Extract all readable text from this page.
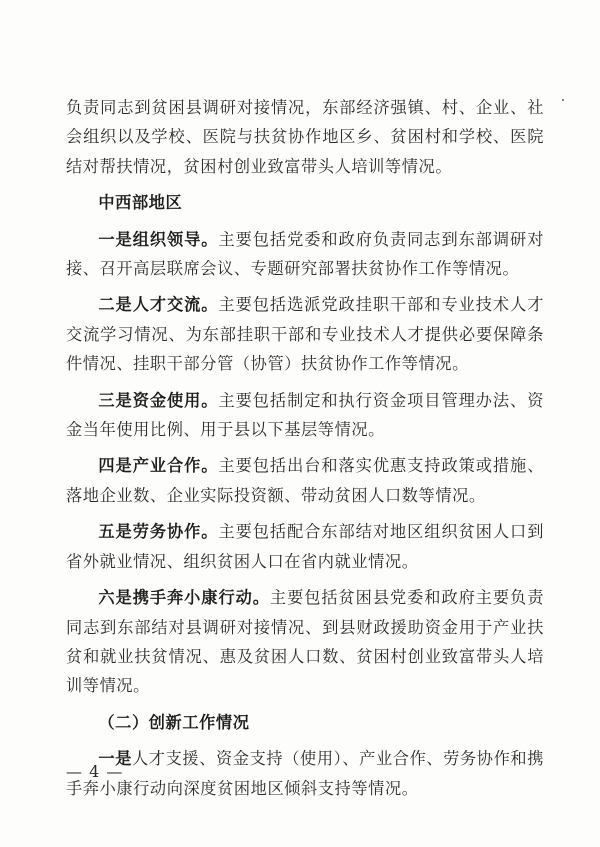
负责同志到贫困县调研对接情况，东部经济强镇、村、企业、社会组织以及学校、医院与扶贫协作地区乡、贫困村和学校、医院结对帮扶情况，贫困村创业致富带头人培训等情况。

中西部地区

一是组织领导。主要包括党委和政府负责同志到东部调研对接、召开高层联席会议、专题研究部署扶贫协作工作等情况。

二是人才交流。主要包括选派党政挂职干部和专业技术人才交流学习情况、为东部挂职干部和专业技术人才提供必要保障条件情况、挂职干部分管（协管）扶贫协作工作等情况。

三是资金使用。主要包括制定和执行资金项目管理办法、资金当年使用比例、用于县以下基层等情况。

四是产业合作。主要包括出台和落实优惠支持政策或措施、落地企业数、企业实际投资额、带动贫困人口数等情况。

五是劳务协作。主要包括配合东部结对地区组织贫困人口到省外就业情况、组织贫困人口在省内就业情况。

六是携手奔小康行动。主要包括贫困县党委和政府主要负责同志到东部结对县调研对接情况、到县财政援助资金用于产业扶贫和就业扶贫情况、惠及贫困人口数、贫困村创业致富带头人培训等情况。

（二）创新工作情况

一是人才支援、资金支持（使用）、产业合作、劳务协作和携手奔小康行动向深度贫困地区倾斜支持等情况。

— 4 —
